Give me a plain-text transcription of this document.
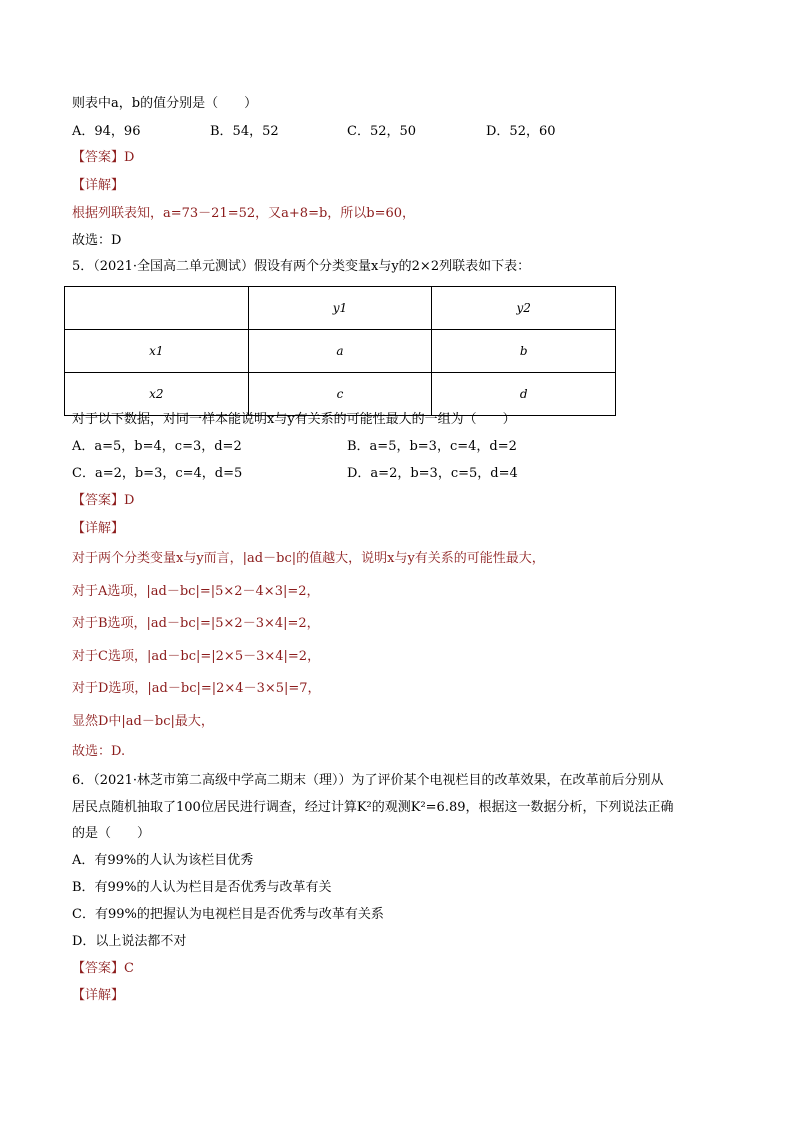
则表中a，b的值分别是（　　）
A．94，96	B．54，52	C．52，50	D．52，60
【答案】D
【详解】
根据列联表知，a=73－21=52，又a+8=b，所以b=60，
故选：D
5．（2021·全国高二单元测试）假设有两个分类变量x与y的2×2列联表如下表：
	y1	y2
x1	a	b
x2	c	d
对于以下数据，对同一样本能说明x与y有关系的可能性最大的一组为（　　）
A．a=5，b=4，c=3，d=2	B．a=5，b=3，c=4，d=2
C．a=2，b=3，c=4，d=5	D．a=2，b=3，c=5，d=4
【答案】D
【详解】
对于两个分类变量x与y而言，|ad－bc|的值越大，说明x与y有关系的可能性最大，
对于A选项，|ad－bc|=|5×2－4×3|=2，
对于B选项，|ad－bc|=|5×2－3×4|=2，
对于C选项，|ad－bc|=|2×5－3×4|=2，
对于D选项，|ad－bc|=|2×4－3×5|=7，
显然D中|ad－bc|最大，
故选：D.
6．（2021·林芝市第二高级中学高二期末（理））为了评价某个电视栏目的改革效果，在改革前后分别从
居民点随机抽取了100位居民进行调查，经过计算K²的观测K²=6.89，根据这一数据分析，下列说法正确
的是（　　）
A．有99%的人认为该栏目优秀
B．有99%的人认为栏目是否优秀与改革有关
C．有99%的把握认为电视栏目是否优秀与改革有关系
D．以上说法都不对
【答案】C
【详解】
